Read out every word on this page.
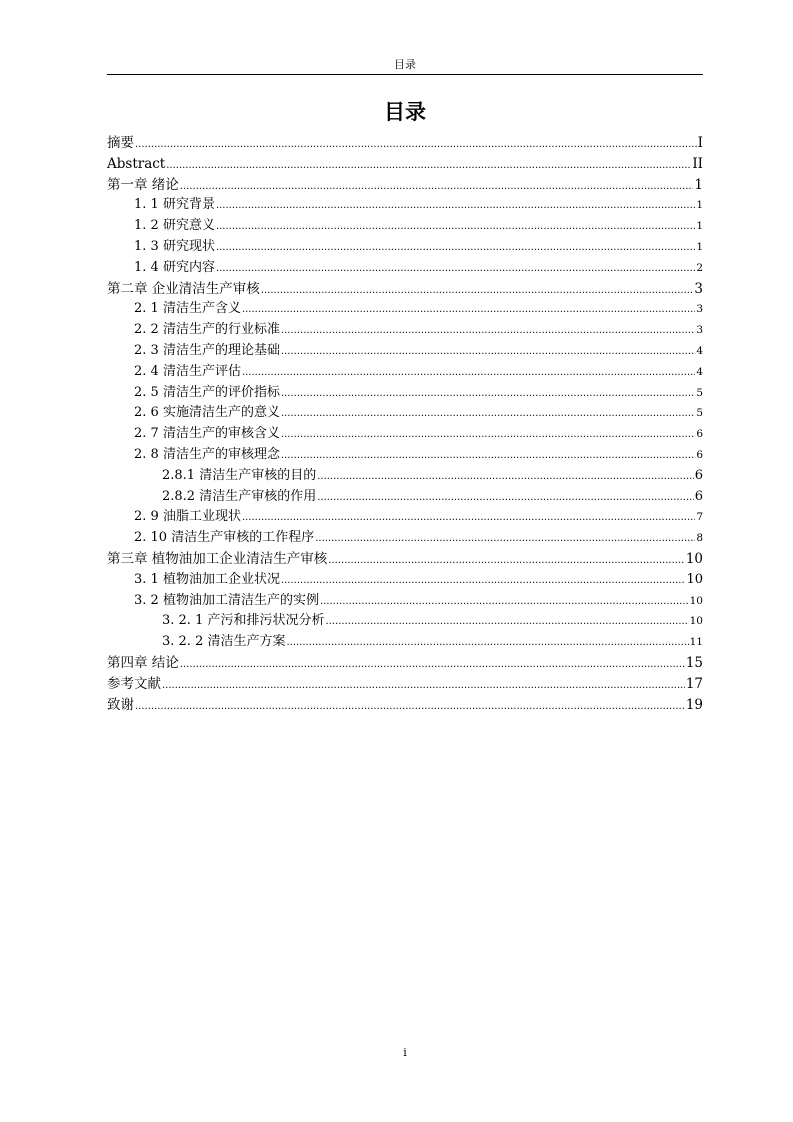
目录
目录
摘要 .....	I
Abstract .....	II
第一章 绪论 .....	1
1. 1 研究背景 .....	1
1. 2 研究意义 .....	1
1. 3 研究现状 .....	1
1. 4 研究内容 .....	2
第二章 企业清洁生产审核 .....	3
2. 1 清洁生产含义 .....	3
2. 2 清洁生产的行业标准 .....	3
2. 3 清洁生产的理论基础 .....	4
2. 4 清洁生产评估 .....	4
2. 5 清洁生产的评价指标 .....	5
2. 6 实施清洁生产的意义 .....	5
2. 7 清洁生产的审核含义 .....	6
2. 8 清洁生产的审核理念 .....	6
2.8.1 清洁生产审核的目的 .....	6
2.8.2 清洁生产审核的作用 .....	6
2. 9 油脂工业现状 .....	7
2. 10 清洁生产审核的工作程序 .....	8
第三章 植物油加工企业清洁生产审核 .....	10
3. 1 植物油加工企业状况 .....	10
3. 2 植物油加工清洁生产的实例 .....	10
3. 2. 1 产污和排污状况分析 .....	10
3. 2. 2 清洁生产方案 .....	11
第四章 结论 .....	15
参考文献 .....	17
致谢 .....	19
i
